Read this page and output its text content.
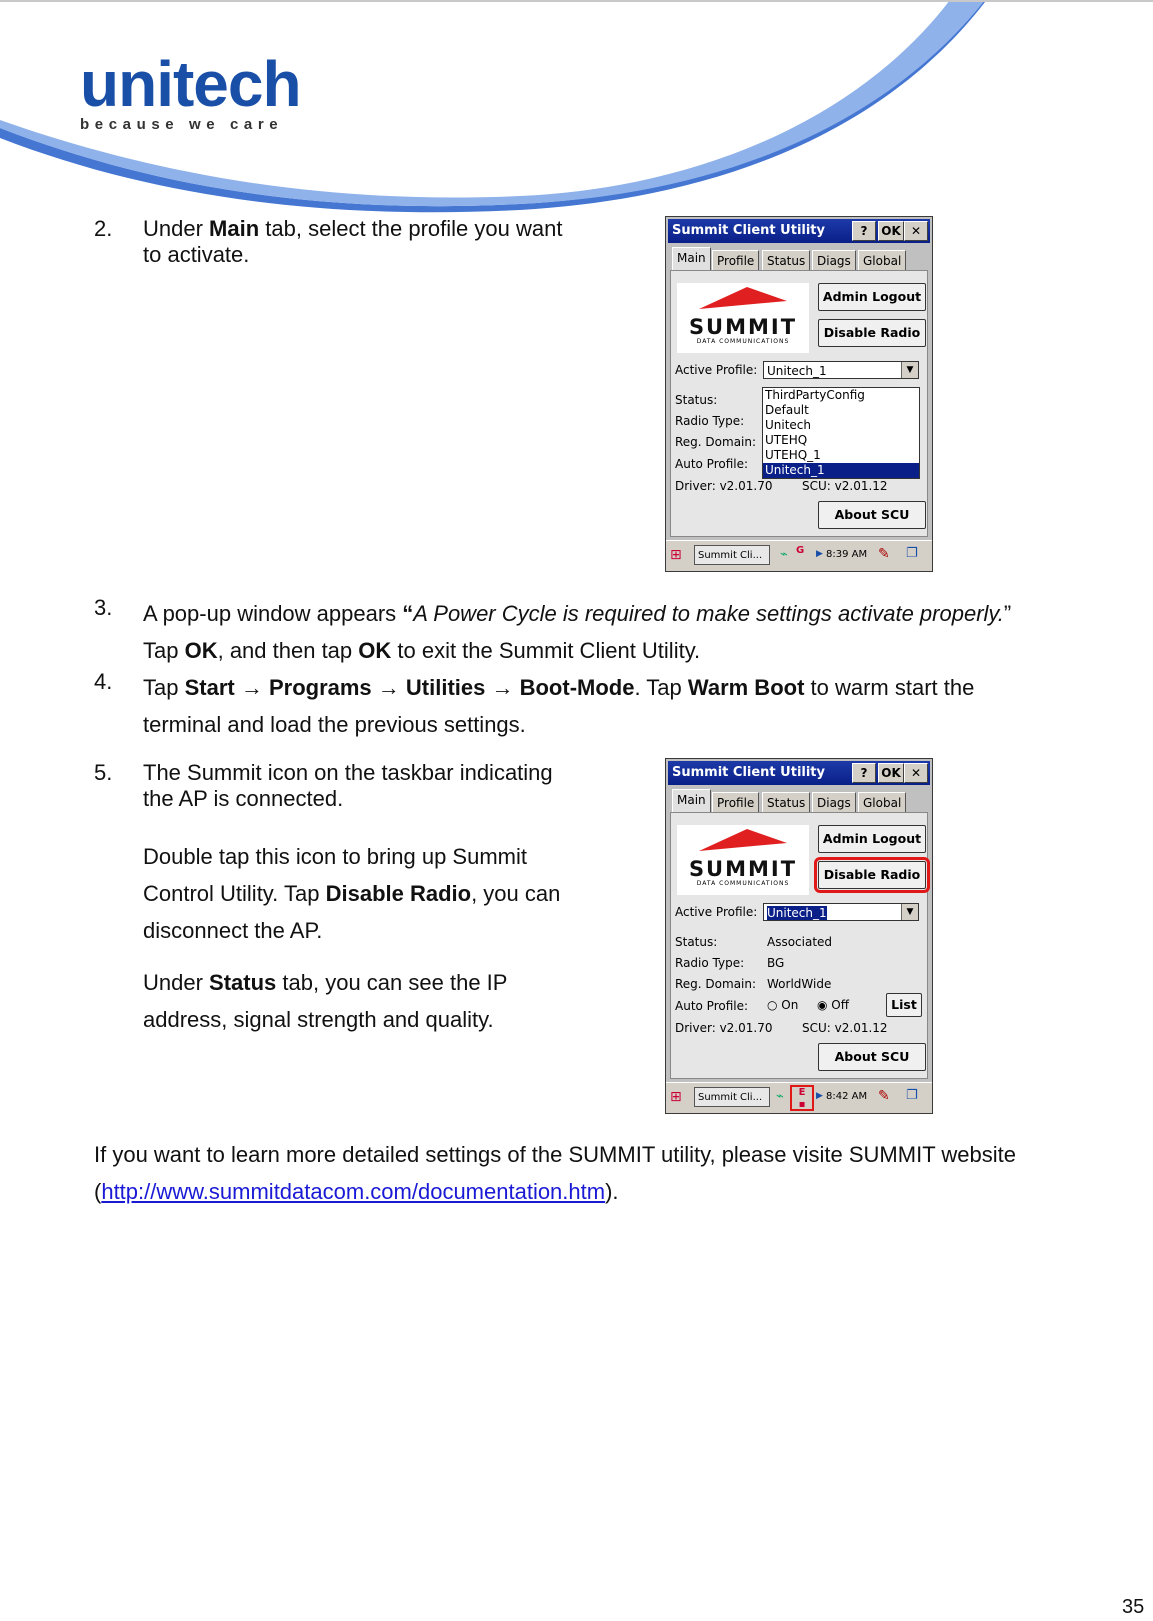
unitech
because we care
2. Under Main tab, select the profile you want
to activate.
Summit Client Utility	?	OK ✕
Main Profile	Status Diags	Global
SUMMIT
DATA COMMUNICATIONS
Admin Logout
Disable Radio
Active Profile: Unitech_1	▼
Status:
Radio Type:
Reg. Domain:
Auto Profile:
Driver: v2.01.70 SCU: v2.01.12
About SCU
ThirdPartyConfig
Default
Unitech
UTEHQ
UTEHQ_1
Unitech_1
⊞	Summit Cli...	⌁ G ▶ 8:39 AM ✎ ❐
3. A pop-up window appears “A Power Cycle is required to make settings activate properly.”
Tap OK, and then tap OK to exit the Summit Client Utility.
4. Tap Start → Programs → Utilities → Boot-Mode. Tap Warm Boot to warm start the
terminal and load the previous settings.
5. The Summit icon on the taskbar indicating
the AP is connected.
Double tap this icon to bring up Summit
Control Utility. Tap Disable Radio, you can
disconnect the AP.
Under Status tab, you can see the IP
address, signal strength and quality.
Summit Client Utility	?	OK ✕
Main Profile	Status Diags	Global
SUMMIT
DATA COMMUNICATIONS
Admin Logout
Disable Radio
Active Profile: Unitech_1	▼
Status:	Associated
Radio Type: BG
Reg. Domain: WorldWide
Auto Profile: ○ On ◉ Off	List
Driver: v2.01.70 SCU: v2.01.12
About SCU
⊞	Summit Cli...	⌁	E
▪
▶ 8:42 AM ✎ ❐
If you want to learn more detailed settings of the SUMMIT utility, please visite SUMMIT website
(http://www.summitdatacom.com/documentation.htm).
35
